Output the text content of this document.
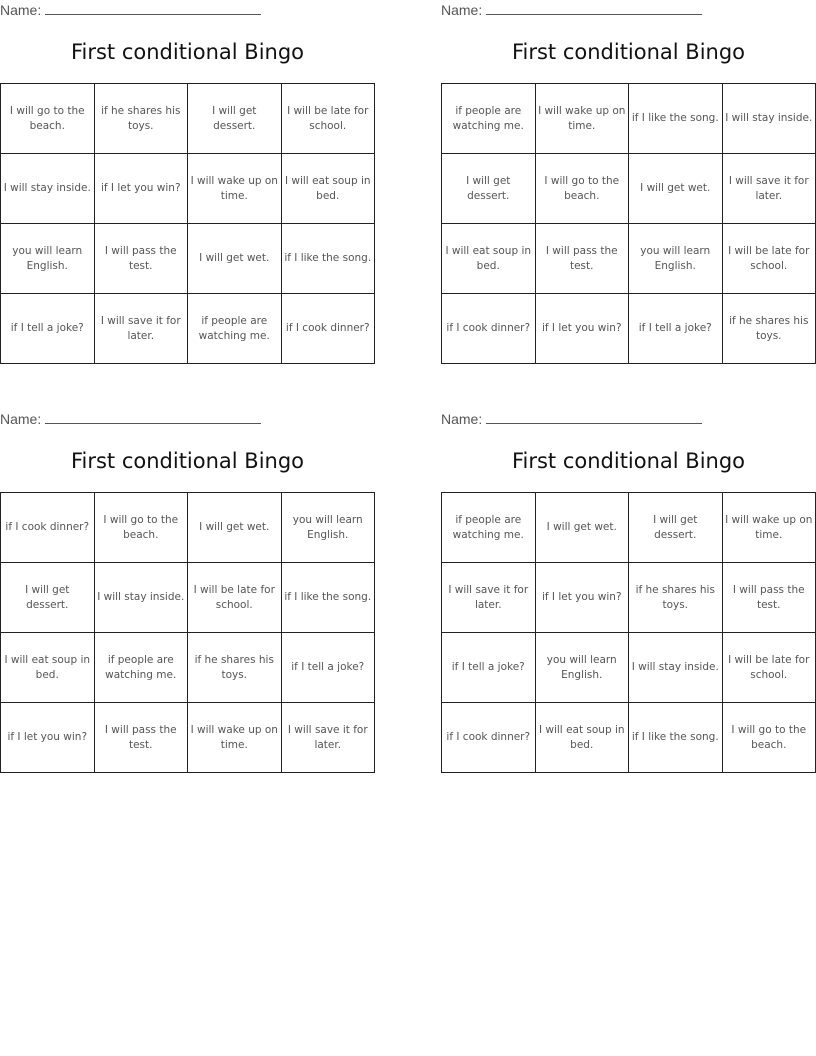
Name:
First conditional Bingo
I will go to the beach.	if he shares his toys.	I will get dessert.	I will be late for school.
I will stay inside.	if I let you win?	I will wake up on time.	I will eat soup in bed.
you will learn English.	I will pass the test.	I will get wet.	if I like the song.
if I tell a joke?	I will save it for later.	if people are watching me.	if I cook dinner?
Name:
First conditional Bingo
if people are watching me.	I will wake up on time.	if I like the song.	I will stay inside.
I will get dessert.	I will go to the beach.	I will get wet.	I will save it for later.
I will eat soup in bed.	I will pass the test.	you will learn English.	I will be late for school.
if I cook dinner?	if I let you win?	if I tell a joke?	if he shares his toys.
Name:
First conditional Bingo
if I cook dinner?	I will go to the beach.	I will get wet.	you will learn English.
I will get dessert.	I will stay inside.	I will be late for school.	if I like the song.
I will eat soup in bed.	if people are watching me.	if he shares his toys.	if I tell a joke?
if I let you win?	I will pass the test.	I will wake up on time.	I will save it for later.
Name:
First conditional Bingo
if people are watching me.	I will get wet.	I will get dessert.	I will wake up on time.
I will save it for later.	if I let you win?	if he shares his toys.	I will pass the test.
if I tell a joke?	you will learn English.	I will stay inside.	I will be late for school.
if I cook dinner?	I will eat soup in bed.	if I like the song.	I will go to the beach.
